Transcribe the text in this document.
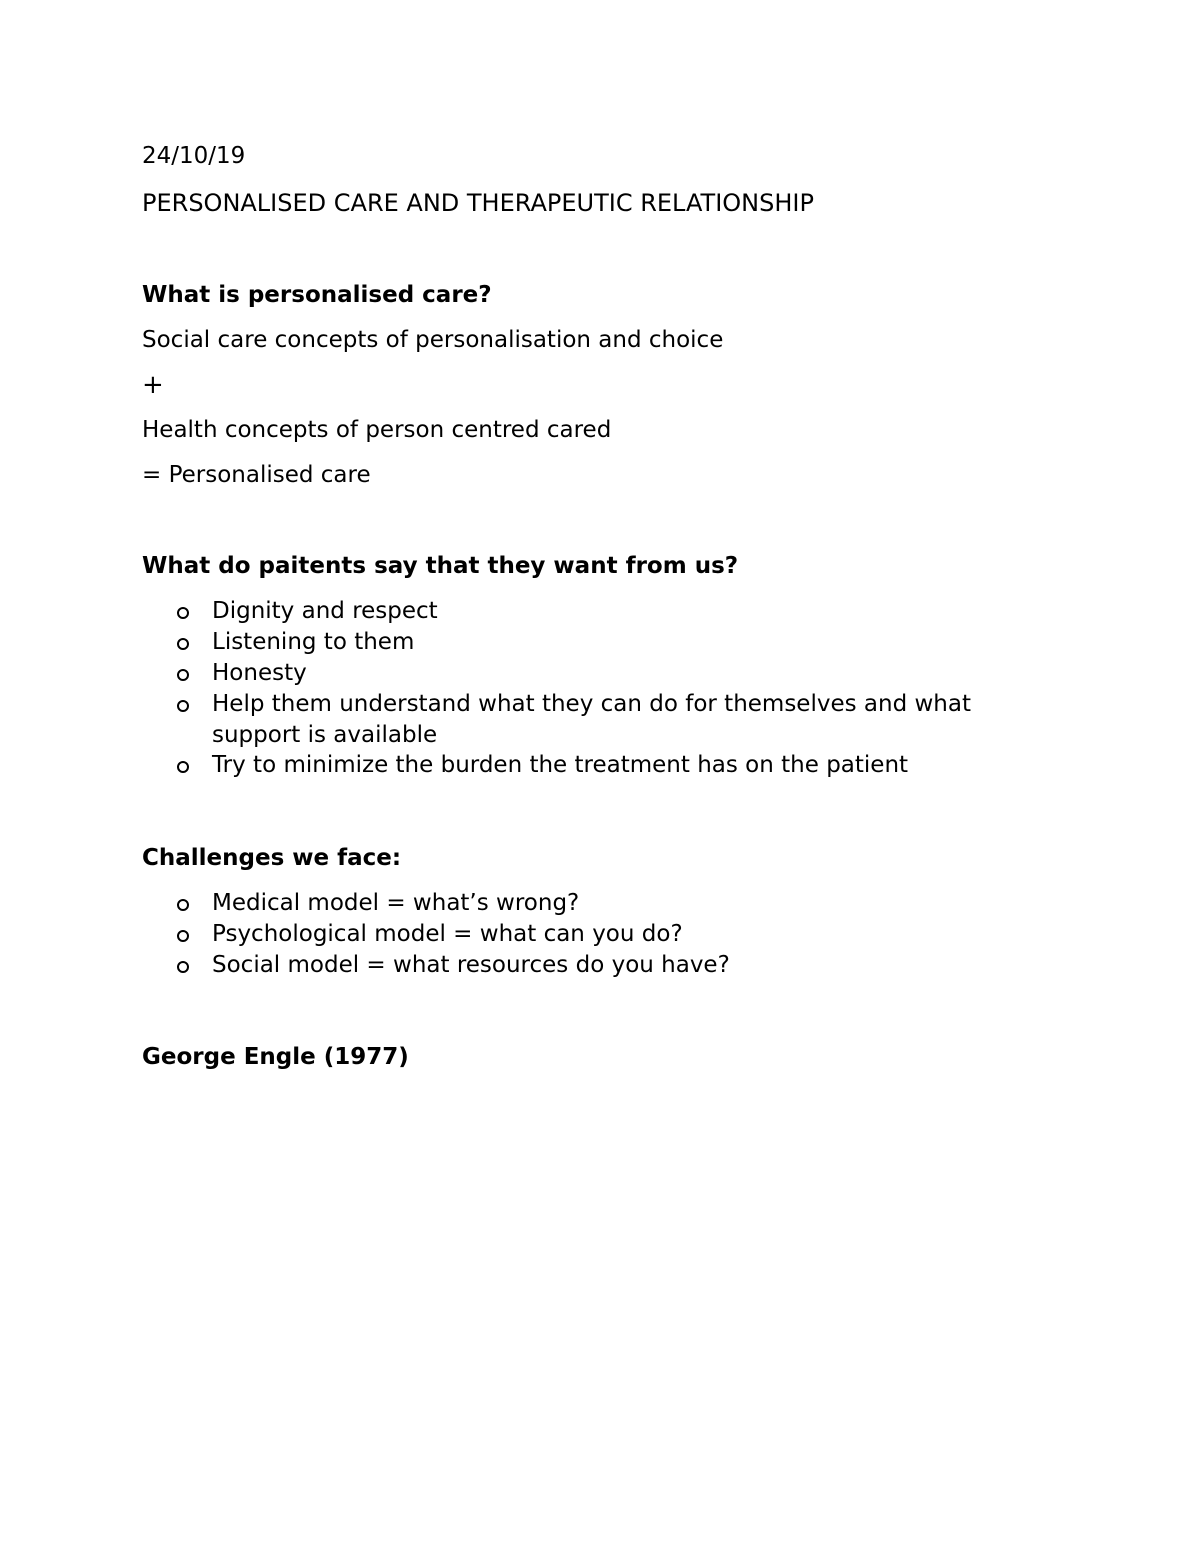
24/10/19
PERSONALISED CARE AND THERAPEUTIC RELATIONSHIP
What is personalised care?
Social care concepts of personalisation and choice
+
Health concepts of person centred cared
= Personalised care
What do paitents say that they want from us?
Dignity and respect
Listening to them
Honesty
Help them understand what they can do for themselves and what support is available
Try to minimize the burden the treatment has on the patient
Challenges we face:
Medical model = what’s wrong?
Psychological model = what can you do?
Social model = what resources do you have?
George Engle (1977)
